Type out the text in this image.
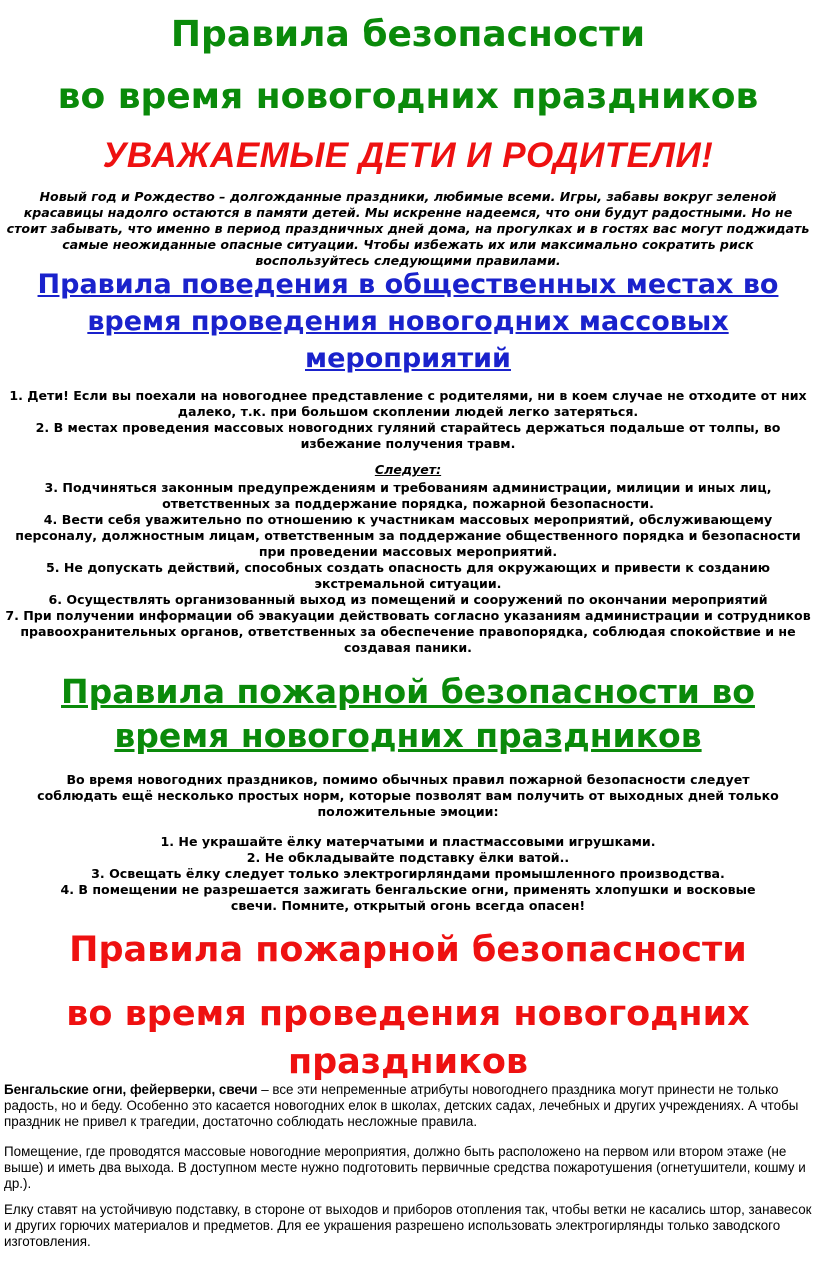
Правила безопасности

во время новогодних праздников

УВАЖАЕМЫЕ ДЕТИ И РОДИТЕЛИ!

Новый год и Рождество – долгожданные праздники, любимые всеми. Игры, забавы вокруг зеленой красавицы надолго остаются в памяти детей. Мы искренне надеемся, что они будут радостными. Но не стоит забывать, что именно в период праздничных дней дома, на прогулках и в гостях вас могут поджидать самые неожиданные опасные ситуации. Чтобы избежать их или максимально сократить риск воспользуйтесь следующими правилами.

Правила поведения в общественных местах во время проведения новогодних массовых мероприятий

1. Дети! Если вы поехали на новогоднее представление с родителями, ни в коем случае не отходите от них далеко, т.к. при большом скоплении людей легко затеряться.

2. В местах проведения массовых новогодних гуляний старайтесь держаться подальше от толпы, во избежание получения травм.

Следует:

3. Подчиняться законным предупреждениям и требованиям администрации, милиции и иных лиц, ответственных за поддержание порядка, пожарной безопасности.

4. Вести себя уважительно по отношению к участникам массовых мероприятий, обслуживающему персоналу, должностным лицам, ответственным за поддержание общественного порядка и безопасности при проведении массовых мероприятий.

5. Не допускать действий, способных создать опасность для окружающих и привести к созданию экстремальной ситуации.

6. Осуществлять организованный выход из помещений и сооружений по окончании мероприятий

7. При получении информации об эвакуации действовать согласно указаниям администрации и сотрудников правоохранительных органов, ответственных за обеспечение правопорядка, соблюдая спокойствие и не создавая паники.

Правила пожарной безопасности во время новогодних праздников

Во время новогодних праздников, помимо обычных правил пожарной безопасности следует соблюдать ещё несколько простых норм, которые позволят вам получить от выходных дней только положительные эмоции:

1. Не украшайте ёлку матерчатыми и пластмассовыми игрушками.

2. Не обкладывайте подставку ёлки ватой..

3. Освещать ёлку следует только электрогирляндами промышленного производства.

4. В помещении не разрешается зажигать бенгальские огни, применять хлопушки и восковые свечи. Помните, открытый огонь всегда опасен!

Правила пожарной безопасности

во время проведения новогодних праздников

Бенгальские огни, фейерверки, свечи – все эти непременные атрибуты новогоднего праздника могут принести не только радость, но и беду. Особенно это касается новогодних елок в школах, детских садах, лечебных и других учреждениях. А чтобы праздник не привел к трагедии, достаточно соблюдать несложные правила.

Помещение, где проводятся массовые новогодние мероприятия, должно быть расположено на первом или втором этаже (не выше) и иметь два выхода. В доступном месте нужно подготовить первичные средства пожаротушения (огнетушители, кошму и др.).

Елку ставят на устойчивую подставку, в стороне от выходов и приборов отопления так, чтобы ветки не касались штор, занавесок и других горючих материалов и предметов. Для ее украшения разрешено использовать электрогирлянды только заводского изготовления.
